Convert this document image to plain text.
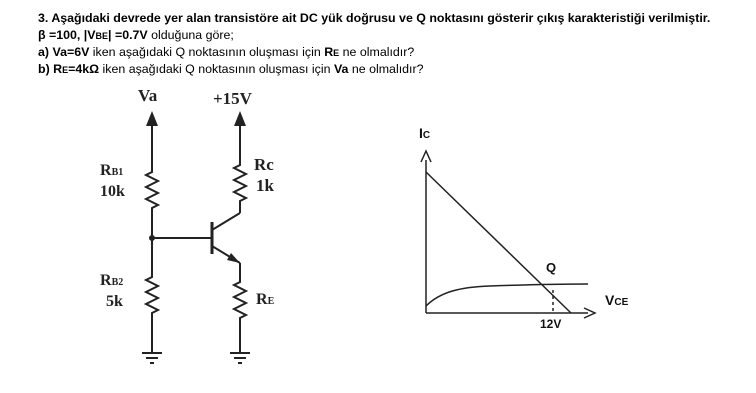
3. Aşağıdaki devrede yer alan transistöre ait DC yük doğrusu ve Q noktasını gösterir çıkış karakteristiği verilmiştir.
β =100, |VBE| =0.7V olduğuna göre;
a) Va=6V iken aşağıdaki Q noktasının oluşması için RE ne olmalıdır?
b) RE=4kΩ iken aşağıdaki Q noktasının oluşması için Va ne olmalıdır?
Va	+15V
RB1
10k
RB2
5k
Rc
1k
RE
IC
VCE
Q
12V
